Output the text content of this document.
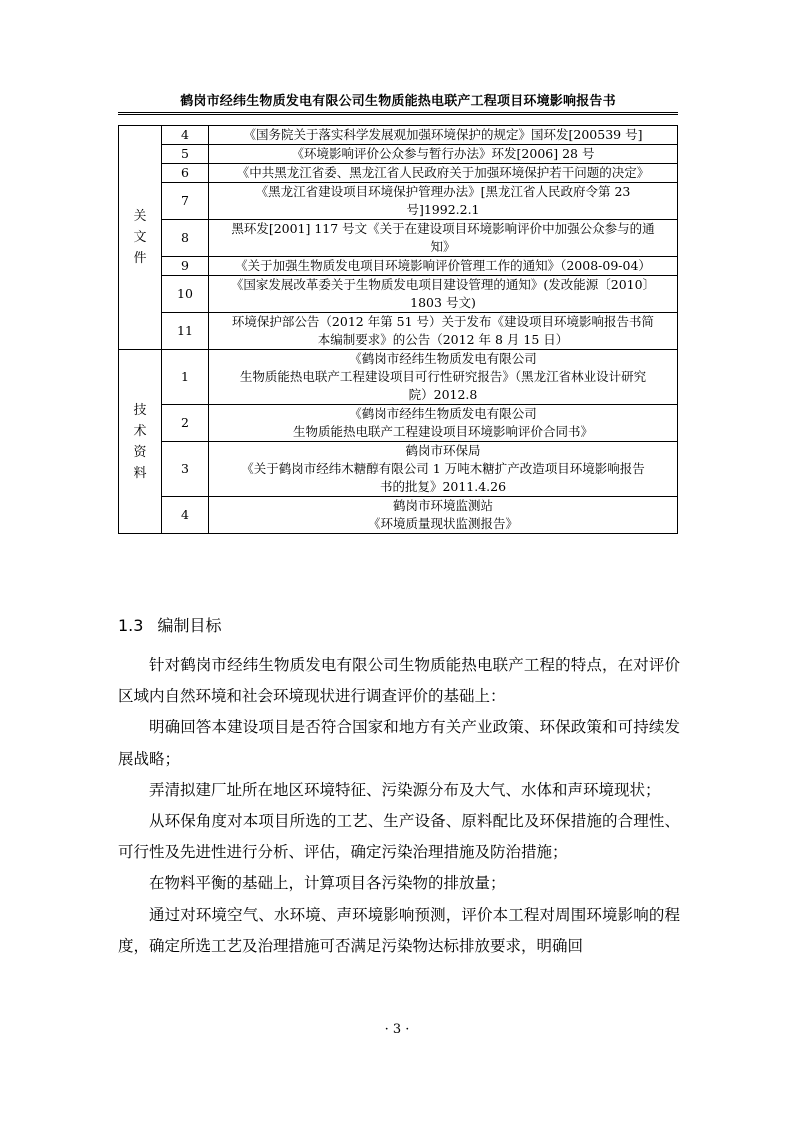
鹤岗市经纬生物质发电有限公司生物质能热电联产工程项目环境影响报告书
关文件	4	《国务院关于落实科学发展观加强环境保护的规定》国环发[200539 号]

	5	《环境影响评价公众参与暂行办法》环发[2006] 28 号

	6	《中共黑龙江省委、黑龙江省人民政府关于加强环境保护若干问题的决定》

	7	《黑龙江省建设项目环境保护管理办法》[黑龙江省人民政府令第 23
号]1992.2.1

	8	黑环发[2001] 117 号文《关于在建设项目环境影响评价中加强公众参与的通
知》

	9	《关于加强生物质发电项目环境影响评价管理工作的通知》（2008-09-04）

	10	《国家发展改革委关于生物质发电项目建设管理的通知》(发改能源〔2010〕
1803 号文)

	11	环境保护部公告（2012 年第 51 号）关于发布《建设项目环境影响报告书简
本编制要求》的公告（2012 年 8 月 15 日）

技术资料	1	《鹤岗市经纬生物质发电有限公司
生物质能热电联产工程建设项目可行性研究报告》（黑龙江省林业设计研究
院）2012.8

	2	《鹤岗市经纬生物质发电有限公司
生物质能热电联产工程建设项目环境影响评价合同书》

	3	鹤岗市环保局
《关于鹤岗市经纬木糖醇有限公司 1 万吨木糖扩产改造项目环境影响报告
书的批复》2011.4.26

	4	鹤岗市环境监测站
《环境质量现状监测报告》
1.3 编制目标

针对鹤岗市经纬生物质发电有限公司生物质能热电联产工程的特点，在对评价区域内自然环境和社会环境现状进行调查评价的基础上：

明确回答本建设项目是否符合国家和地方有关产业政策、环保政策和可持续发展战略；

弄清拟建厂址所在地区环境特征、污染源分布及大气、水体和声环境现状；

从环保角度对本项目所选的工艺、生产设备、原料配比及环保措施的合理性、可行性及先进性进行分析、评估，确定污染治理措施及防治措施；

在物料平衡的基础上，计算项目各污染物的排放量；

通过对环境空气、水环境、声环境影响预测，评价本工程对周围环境影响的程度，确定所选工艺及治理措施可否满足污染物达标排放要求，明确回

· 3 ·
